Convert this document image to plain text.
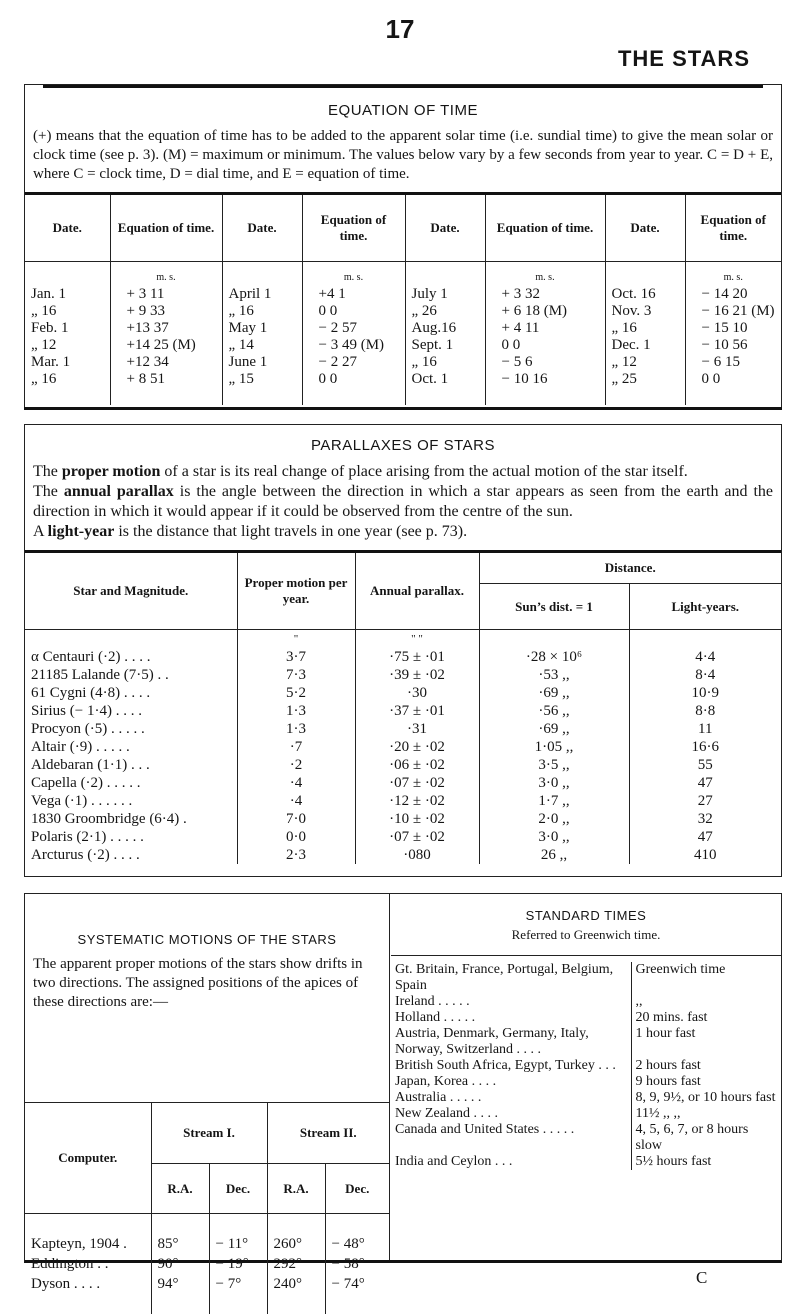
17
THE STARS
EQUATION OF TIME

(+) means that the equation of time has to be added to the apparent solar time (i.e. sundial time) to give the mean solar or clock time (see p. 3). (M) = maximum or minimum. The values below vary by a few seconds from year to year. C = D + E, where C = clock time, D = dial time, and E = equation of time.

Date.	Equation of time.	Date.	Equation of time.	Date.	Equation of time.	Date.	Equation of time.
	m. s.		m. s.		m. s.		m. s.
Jan. 1	+ 3 11	April 1	+4 1	July 1	+ 3 32	Oct. 16	− 14 20
„ 16	+ 9 33	„ 16	0 0	„ 26	+ 6 18 (M)	Nov. 3	− 16 21 (M)
Feb. 1	+13 37	May 1	− 2 57	Aug.16	+ 4 11	„ 16	− 15 10
„ 12	+14 25 (M)	„ 14	− 3 49 (M)	Sept. 1	0 0	Dec. 1	− 10 56
Mar. 1	+12 34	June 1	− 2 27	„ 16	− 5 6	„ 12	− 6 15
„ 16	+ 8 51	„ 15	0 0	Oct. 1	− 10 16	„ 25	0 0

PARALLAXES OF STARS

The proper motion of a star is its real change of place arising from the actual motion of the star itself.

The annual parallax is the angle between the direction in which a star appears as seen from the earth and the direction in which it would appear if it could be observed from the centre of the sun.

A light-year is the distance that light travels in one year (see p. 73).

Star and Magnitude.	Proper motion per year.	Annual parallax.	Distance.	
			Sun’s dist. = 1	Light-years.
	"	" "		
α Centauri (·2) . . . .	3·7	·75 ± ·01	·28 × 10⁶	4·4
21185 Lalande (7·5) . .	7·3	·39 ± ·02	·53 ,,	8·4
61 Cygni (4·8) . . . .	5·2	·30	·69 ,,	10·9
Sirius (− 1·4) . . . .	1·3	·37 ± ·01	·56 ,,	8·8
Procyon (·5) . . . . .	1·3	·31	·69 ,,	11
Altair (·9) . . . . .	·7	·20 ± ·02	1·05 ,,	16·6
Aldebaran (1·1) . . .	·2	·06 ± ·02	3·5 ,,	55
Capella (·2) . . . . .	·4	·07 ± ·02	3·0 ,,	47
Vega (·1) . . . . . .	·4	·12 ± ·02	1·7 ,,	27
1830 Groombridge (6·4) .	7·0	·10 ± ·02	2·0 ,,	32
Polaris (2·1) . . . . .	0·0	·07 ± ·02	3·0 ,,	47
Arcturus (·2) . . . .	2·3	·080	26 ,,	410
SYSTEMATIC MOTIONS OF THE STARS

The apparent proper motions of the stars show drifts in two directions. The assigned positions of the apices of these directions are:—

Computer.	Stream I.		Stream II.	
	R.A.	Dec.	R.A.	Dec.

Kapteyn, 1904 .	85°	− 11°	260°	− 48°
Eddington . .	90°	− 19°	292°	− 58°
Dyson . . . .	94°	− 7°	240°	− 74°

STANDARD TIMES
Referred to Greenwich time.
Gt. Britain, France, Portugal, Belgium, Spain	Greenwich time
Ireland . . . . .	,,
Holland . . . . .	20 mins. fast
Austria, Denmark, Germany, Italy, Norway, Switzerland . . . .	1 hour fast
British South Africa, Egypt, Turkey . . .	2 hours fast
Japan, Korea . . . .	9 hours fast
Australia . . . . .	8, 9, 9½, or 10 hours fast
New Zealand . . . .	11½ ,, ,,
Canada and United States . . . . .	4, 5, 6, 7, or 8 hours slow
India and Ceylon . . .	5½ hours fast
C
